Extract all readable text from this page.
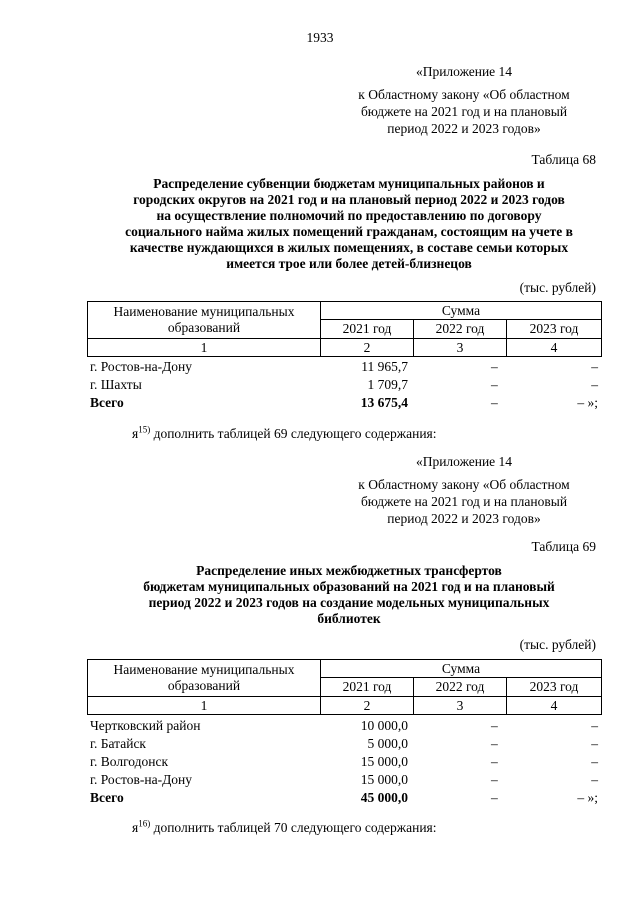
1933
«Приложение 14
к Областному закону «Об областном
бюджете на 2021 год и на плановый
период 2022 и 2023 годов»
Таблица 68
Распределение субвенции бюджетам муниципальных районов и
городских округов на 2021 год и на плановый период 2022 и 2023 годов
на осуществление полномочий по предоставлению по договору
социального найма жилых помещений гражданам, состоящим на учете в
качестве нуждающихся в жилых помещениях, в составе семьи которых
имеется трое или более детей-близнецов
(тыс. рублей)
Наименование муниципальных образований	Сумма		
	2021 год	2022 год	2023 год
1	2	3	4
г. Ростов-на-Дону	11 965,7	–	–
г. Шахты	1 709,7	–	–
Всего	13 675,4	–	– »;
$я^{15)}$ дополнить таблицей 69 следующего содержания:
«Приложение 14
к Областному закону «Об областном
бюджете на 2021 год и на плановый
период 2022 и 2023 годов»
Таблица 69
Распределение иных межбюджетных трансфертов
бюджетам муниципальных образований на 2021 год и на плановый
период 2022 и 2023 годов на создание модельных муниципальных
библиотек
(тыс. рублей)
Наименование муниципальных образований	Сумма		
	2021 год	2022 год	2023 год
1	2	3	4
Чертковский район	10 000,0	–	–
г. Батайск	5 000,0	–	–
г. Волгодонск	15 000,0	–	–
г. Ростов-на-Дону	15 000,0	–	–
Всего	45 000,0	–	– »;
$я^{16)}$ дополнить таблицей 70 следующего содержания:
